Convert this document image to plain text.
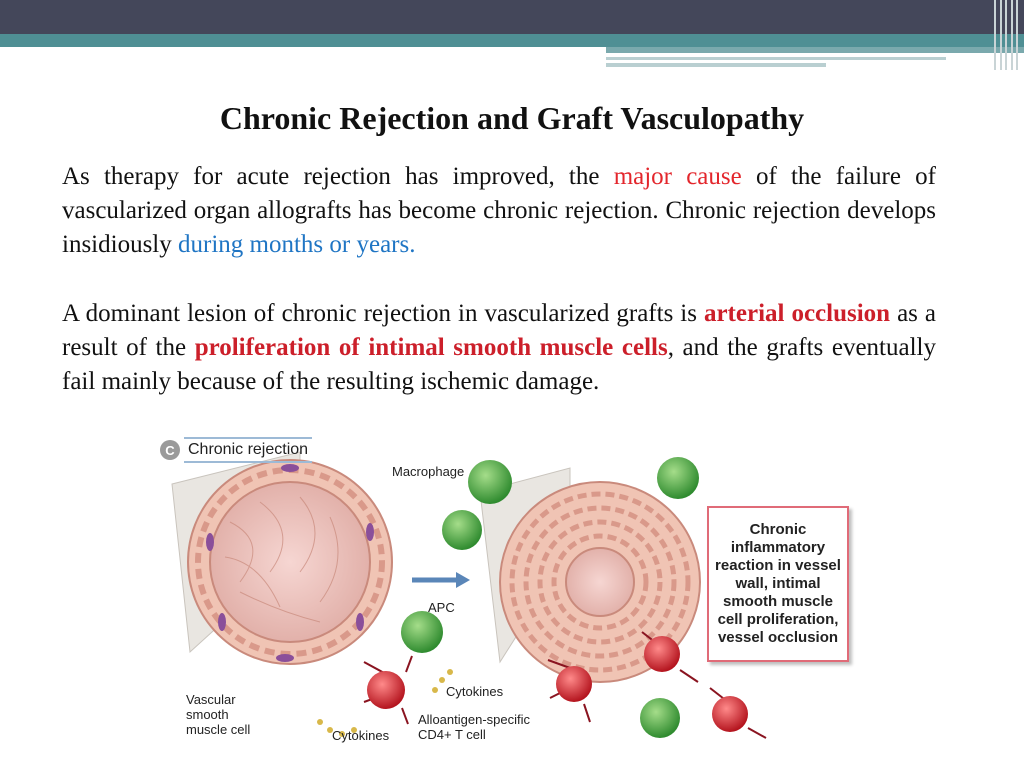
Chronic Rejection and Graft Vasculopathy
As therapy for acute rejection has improved, the major cause of the failure of vascularized organ allografts has become chronic rejection. Chronic rejection develops insidiously during months or years.
A dominant lesion of chronic rejection in vascularized grafts is arterial occlusion as a result of the proliferation of intimal smooth muscle cells, and the grafts eventually fail mainly because of the resulting ischemic damage.
C Chronic rejection
Macrophage
APC
Cytokines
Cytokines
Vascular smooth muscle cell
Alloantigen-specific CD4+ T cell
Chronic inflammatory reaction in vessel wall, intimal smooth muscle cell proliferation, vessel occlusion
